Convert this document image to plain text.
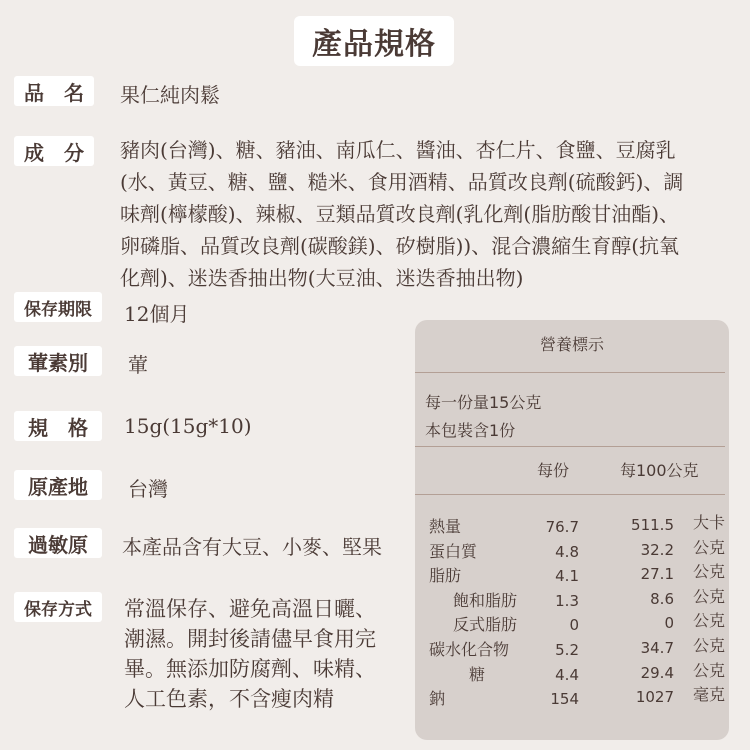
產品規格
品　名	果仁純肉鬆
成　分	豬肉(台灣)、糖、豬油、南瓜仁、醬油、杏仁片、食鹽、豆腐乳
(水、黃豆、糖、鹽、糙米、食用酒精、品質改良劑(硫酸鈣)、調
味劑(檸檬酸)、辣椒、豆類品質改良劑(乳化劑(脂肪酸甘油酯)、
卵磷脂、品質改良劑(碳酸鎂)、矽樹脂))、混合濃縮生育醇(抗氧
化劑)、迷迭香抽出物(大豆油、迷迭香抽出物)
保存期限	12個月
葷素別	葷
規　格	15g(15g*10)
原產地	台灣
過敏原	本產品含有大豆、小麥、堅果
保存方式	常溫保存、避免高溫日曬、
潮濕。開封後請儘早食用完
畢。無添加防腐劑、味精、
人工色素，不含瘦肉精
營養標示
每一份量15公克
本包裝含1份
每份	每100公克
熱量	76.7	511.5	大卡
蛋白質	4.8	32.2	公克
脂肪	4.1	27.1	公克
飽和脂肪	1.3	8.6	公克
反式脂肪	0	0	公克
碳水化合物	5.2	34.7	公克
糖	4.4	29.4	公克
鈉	154	1027	毫克
